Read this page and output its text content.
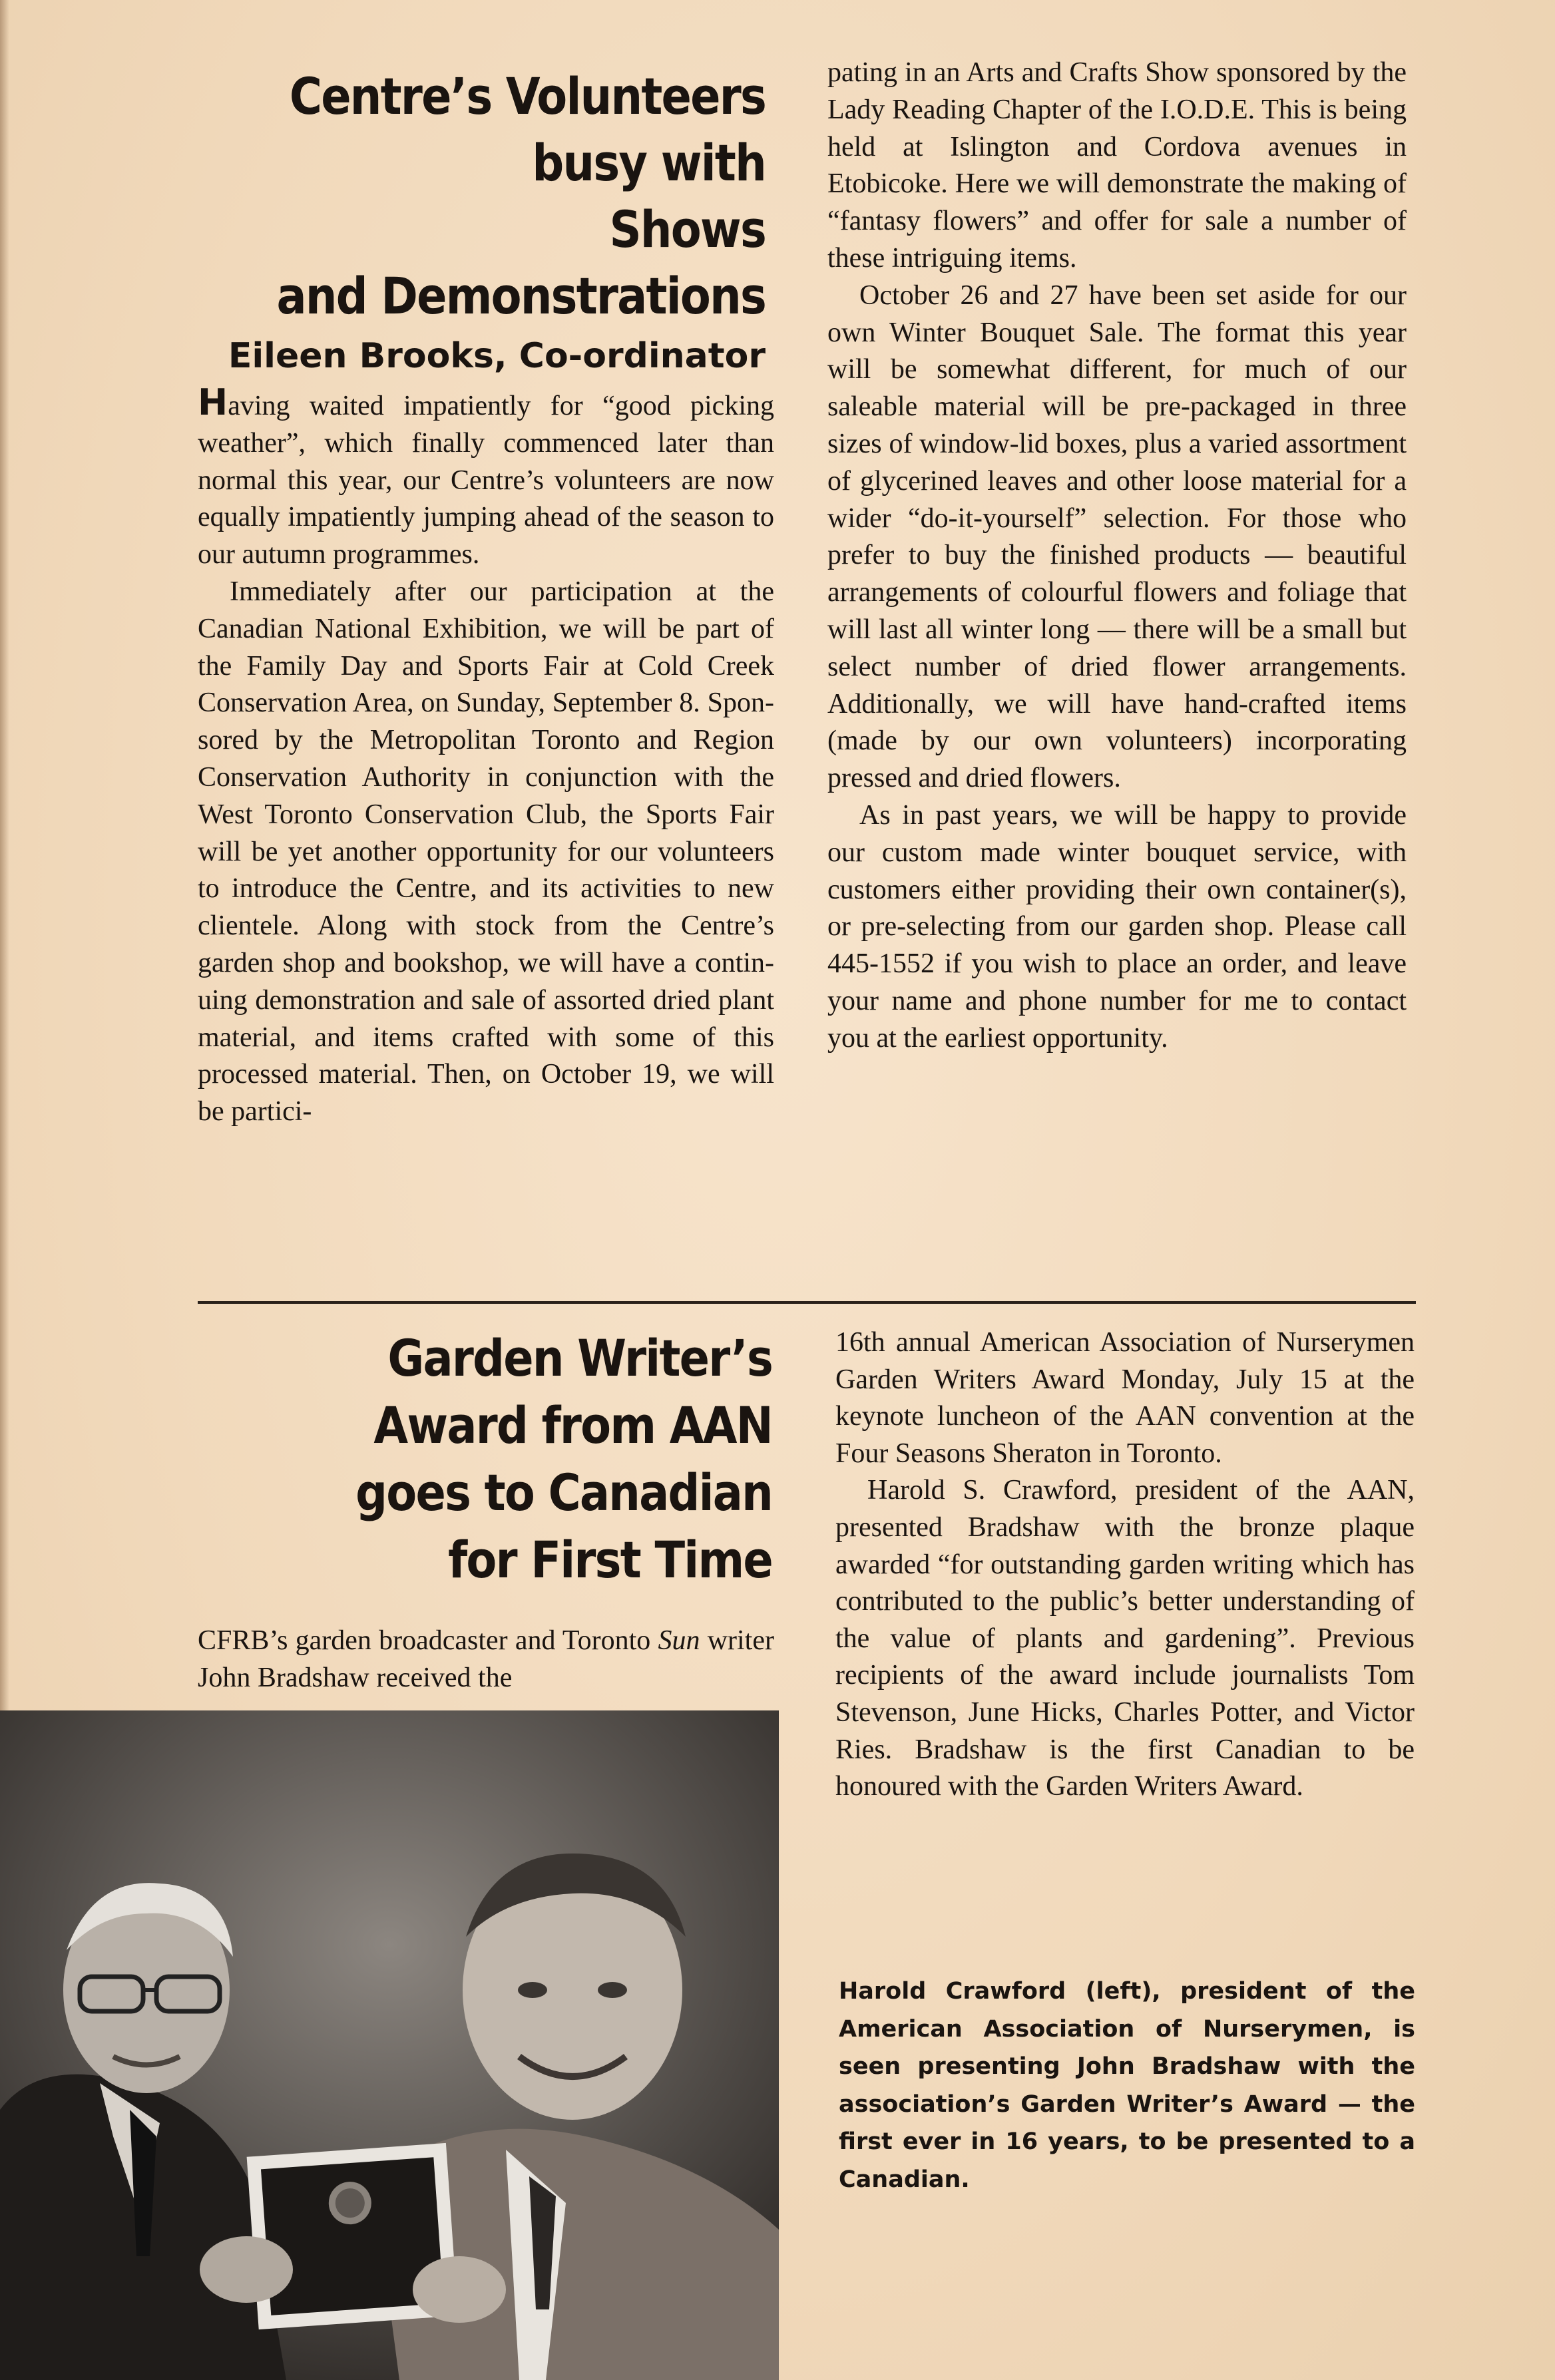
Centre’s Volunteers
busy with
Shows
and Demonstrations
Eileen Brooks, Co-ordinator

Having waited impatiently for “good picking weather”, which finally commenced later than normal this year, our Centre’s volunteers are now equally impatiently jumping ahead of the season to our autumn programmes.

Immediately after our participation at the Canadian National Exhibition, we will be part of the Family Day and Sports Fair at Cold Creek Conservation Area, on Sunday, September 8. Sponsored by the Metropolitan Toronto and Region Conservation Authority in conjunction with the West Toronto Conservation Club, the Sports Fair will be yet another opportunity for our volunteers to introduce the Centre, and its activities to new clientele. Along with stock from the Centre’s garden shop and bookshop, we will have a continuing demonstration and sale of assorted dried plant material, and items crafted with some of this processed material. Then, on October 19, we will be partici-

pating in an Arts and Crafts Show sponsored by the Lady Reading Chapter of the I.O.D.E. This is being held at Islington and Cordova avenues in Etobicoke. Here we will demonstrate the making of “fantasy flowers” and offer for sale a number of these intriguing items.

October 26 and 27 have been set aside for our own Winter Bouquet Sale. The format this year will be somewhat different, for much of our saleable material will be pre-packaged in three sizes of window-lid boxes, plus a varied assortment of glycerined leaves and other loose material for a wider “do-it-yourself” selection. For those who prefer to buy the finished products — beautiful arrangements of colourful flowers and foliage that will last all winter long — there will be a small but select number of dried flower arrangements. Additionally, we will have hand-crafted items (made by our own volunteers) incorporating pressed and dried flowers.

As in past years, we will be happy to provide our custom made winter bouquet service, with customers either providing their own container(s), or pre-selecting from our garden shop. Please call 445-1552 if you wish to place an order, and leave your name and phone number for me to contact you at the earliest opportunity.

Garden Writer’s
Award from AAN
goes to Canadian
for First Time

CFRB’s garden broadcaster and Toronto Sun writer John Bradshaw received the

16th annual American Association of Nurserymen Garden Writers Award Monday, July 15 at the keynote luncheon of the AAN convention at the Four Seasons Sheraton in Toronto.

Harold S. Crawford, president of the AAN, presented Bradshaw with the bronze plaque awarded “for outstanding garden writing which has contributed to the public’s better understanding of the value of plants and gardening”. Previous recipients of the award include journalists Tom Stevenson, June Hicks, Charles Potter, and Victor Ries. Bradshaw is the first Canadian to be honoured with the Garden Writers Award.

Harold Crawford (left), president of the American Association of Nurserymen, is seen presenting John Bradshaw with the association’s Garden Writer’s Award — the first ever in 16 years, to be presented to a Canadian.
